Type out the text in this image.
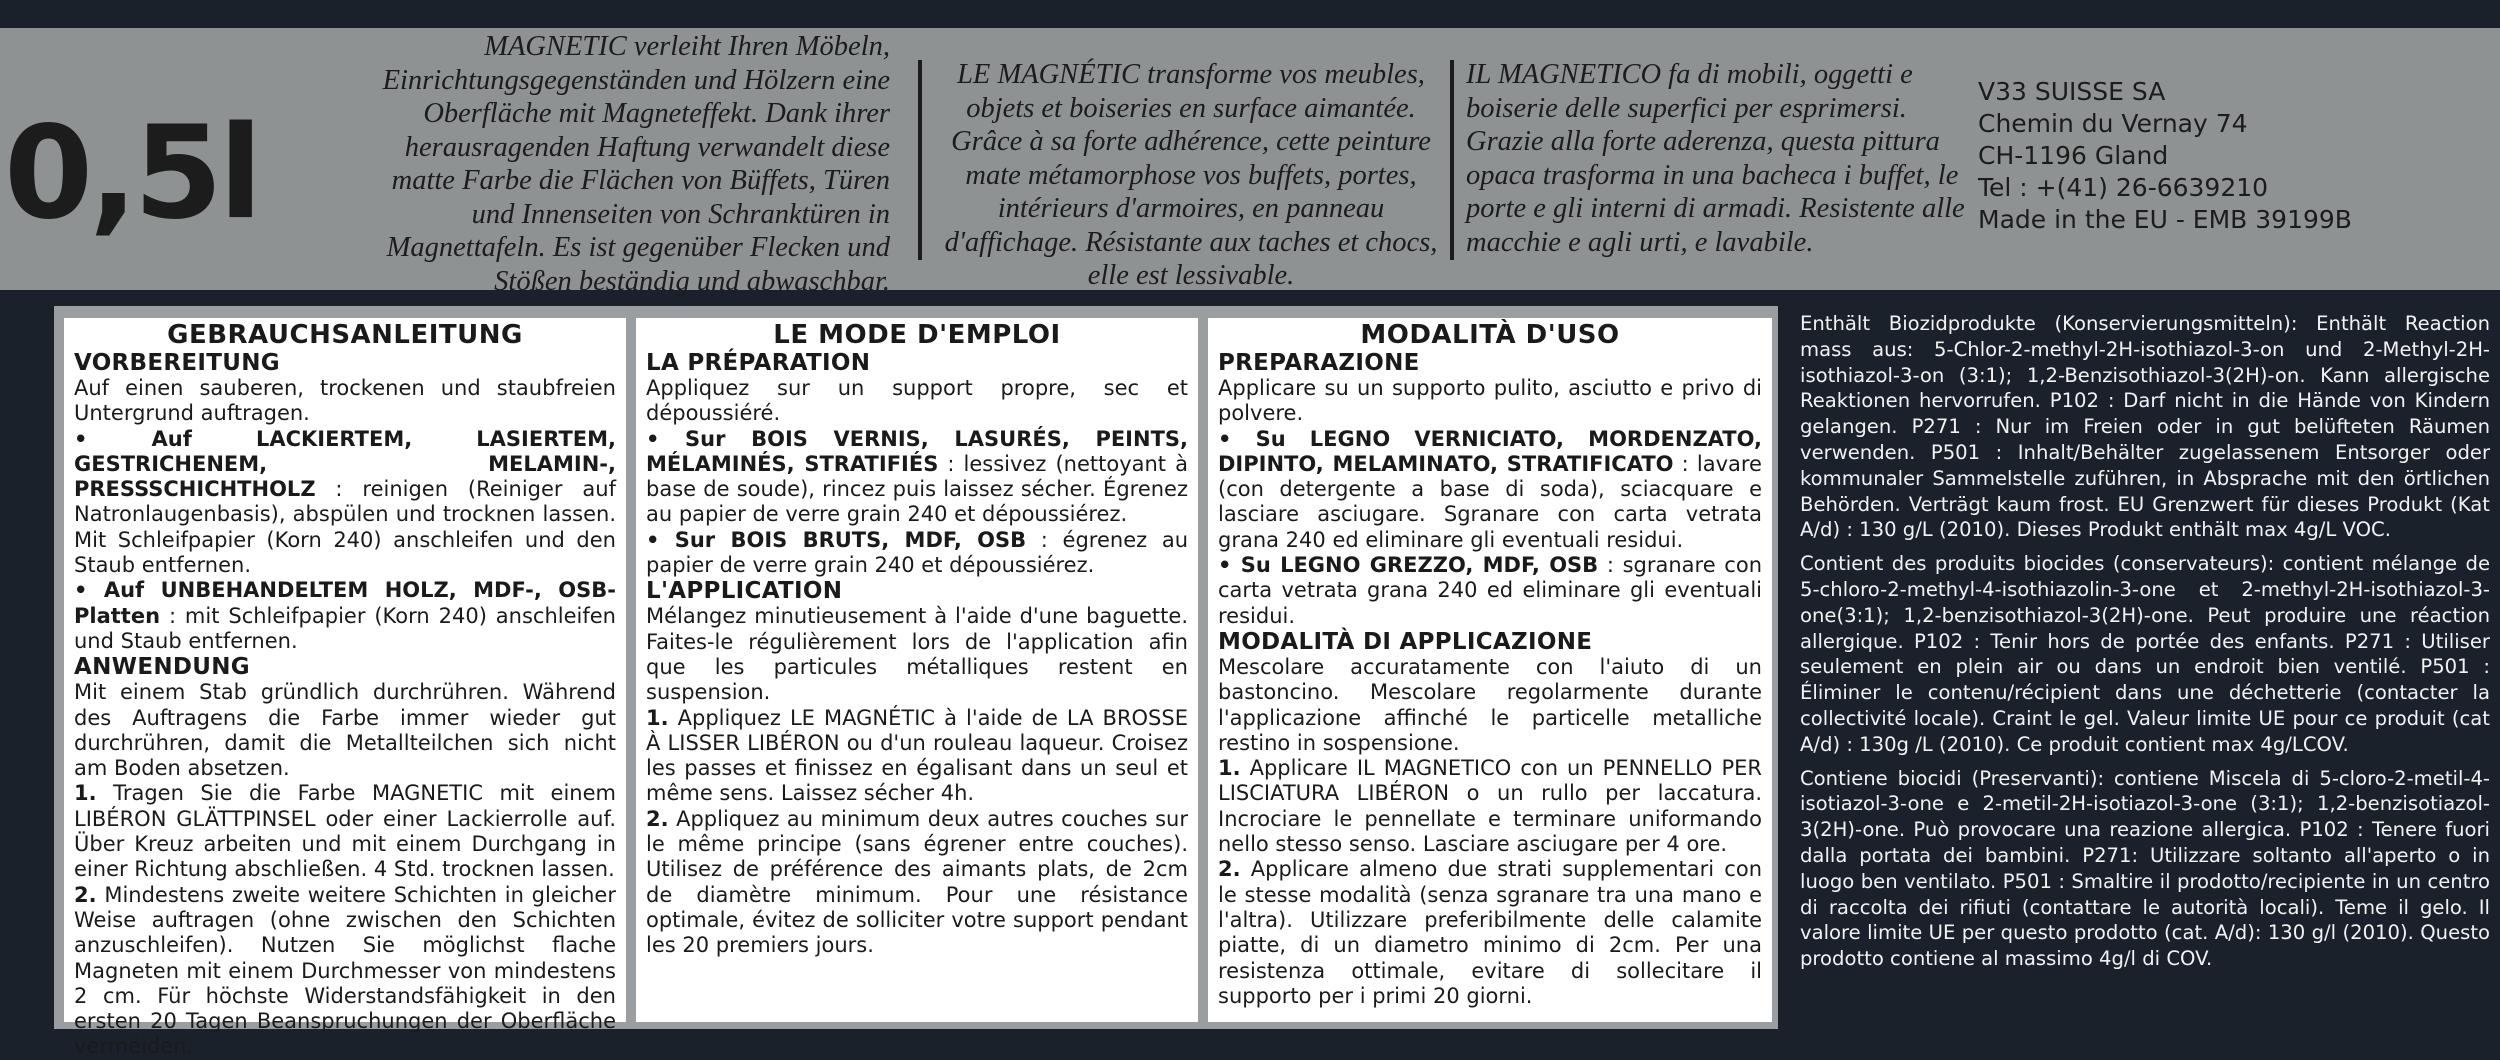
0,5l
MAGNETIC verleiht Ihren Möbeln, Einrichtungsgegenständen und Hölzern eine Oberfläche mit Magneteffekt. Dank ihrer herausragenden Haftung verwandelt diese matte Farbe die Flächen von Büffets, Türen und Innenseiten von Schranktüren in Magnettafeln. Es ist gegenüber Flecken und Stößen beständig und abwaschbar.
LE MAGNÉTIC transforme vos meubles, objets et boiseries en surface aimantée. Grâce à sa forte adhérence, cette peinture mate métamorphose vos buffets, portes, intérieurs d'armoires, en panneau d'affichage. Résistante aux taches et chocs, elle est lessivable.
IL MAGNETICO fa di mobili, oggetti e boiserie delle superfici per esprimersi. Grazie alla forte aderenza, questa pittura opaca trasforma in una bacheca i buffet, le porte e gli interni di armadi. Resistente alle macchie e agli urti, e lavabile.
V33 SUISSE SA
Chemin du Vernay 74
CH-1196 Gland
Tel : +(41) 26-6639210
Made in the EU - EMB 39199B
GEBRAUCHSANLEITUNG
VORBEREITUNG

Auf einen sauberen, trockenen und staubfreien Untergrund auftragen.

• Auf LACKIERTEM, LASIERTEM, GESTRICHENEM, MELAMIN-, PRESSSCHICHTHOLZ : reinigen (Reiniger auf Natronlaugenbasis), abspülen und trocknen lassen. Mit Schleifpapier (Korn 240) anschleifen und den Staub entfernen.

• Auf UNBEHANDELTEM HOLZ, MDF-, OSB-Platten : mit Schleifpapier (Korn 240) anschleifen und Staub entfernen.

ANWENDUNG

Mit einem Stab gründlich durchrühren. Während des Auftragens die Farbe immer wieder gut durchrühren, damit die Metallteilchen sich nicht am Boden absetzen.

1. Tragen Sie die Farbe MAGNETIC mit einem LIBÉRON GLÄTTPINSEL oder einer Lackierrolle auf. Über Kreuz arbeiten und mit einem Durchgang in einer Richtung abschließen. 4 Std. trocknen lassen.

2. Mindestens zweite weitere Schichten in gleicher Weise auftragen (ohne zwischen den Schichten anzuschleifen). Nutzen Sie möglichst flache Magneten mit einem Durchmesser von mindestens 2 cm. Für höchste Widerstandsfähigkeit in den ersten 20 Tagen Beanspruchungen der Oberfläche vermeiden.

LE MODE D'EMPLOI
LA PRÉPARATION

Appliquez sur un support propre, sec et dépoussiéré.

• Sur BOIS VERNIS, LASURÉS, PEINTS, MÉLAMINÉS, STRATIFIÉS : lessivez (nettoyant à base de soude), rincez puis laissez sécher. Égrenez au papier de verre grain 240 et dépoussiérez.

• Sur BOIS BRUTS, MDF, OSB : égrenez au papier de verre grain 240 et dépoussiérez.

L'APPLICATION

Mélangez minutieusement à l'aide d'une baguette. Faites-le régulièrement lors de l'application afin que les particules métalliques restent en suspension.

1. Appliquez LE MAGNÉTIC à l'aide de LA BROSSE À LISSER LIBÉRON ou d'un rouleau laqueur. Croisez les passes et finissez en égalisant dans un seul et même sens. Laissez sécher 4h.

2. Appliquez au minimum deux autres couches sur le même principe (sans égrener entre couches). Utilisez de préférence des aimants plats, de 2cm de diamètre minimum. Pour une résistance optimale, évitez de solliciter votre support pendant les 20 premiers jours.

MODALITÀ D'USO
PREPARAZIONE

Applicare su un supporto pulito, asciutto e privo di polvere.

• Su LEGNO VERNICIATO, MORDENZATO, DIPINTO, MELAMINATO, STRATIFICATO : lavare (con detergente a base di soda), sciacquare e lasciare asciugare. Sgranare con carta vetrata grana 240 ed eliminare gli eventuali residui.

• Su LEGNO GREZZO, MDF, OSB : sgranare con carta vetrata grana 240 ed eliminare gli eventuali residui.

MODALITÀ DI APPLICAZIONE

Mescolare accuratamente con l'aiuto di un bastoncino. Mescolare regolarmente durante l'applicazione affinché le particelle metalliche restino in sospensione.

1. Applicare IL MAGNETICO con un PENNELLO PER LISCIATURA LIBÉRON o un rullo per laccatura. Incrociare le pennellate e terminare uniformando nello stesso senso. Lasciare asciugare per 4 ore.

2. Applicare almeno due strati supplementari con le stesse modalità (senza sgranare tra una mano e l'altra). Utilizzare preferibilmente delle calamite piatte, di un diametro minimo di 2cm. Per una resistenza ottimale, evitare di sollecitare il supporto per i primi 20 giorni.

Enthält Biozidprodukte (Konservierungsmitteln): Enthält Reaction mass aus: 5-Chlor-2-methyl-2H-isothiazol-3-on und 2-Methyl-2H-isothiazol-3-on (3:1); 1,2-Benzisothiazol-3(2H)-on. Kann allergische Reaktionen hervorrufen. P102 : Darf nicht in die Hände von Kindern gelangen. P271 : Nur im Freien oder in gut belüfteten Räumen verwenden. P501 : Inhalt/Behälter zugelassenem Entsorger oder kommunaler Sammelstelle zuführen, in Absprache mit den örtlichen Behörden. Verträgt kaum frost. EU Grenzwert für dieses Produkt (Kat A/d) : 130 g/L (2010). Dieses Produkt enthält max 4g/L VOC.

Contient des produits biocides (conservateurs): contient mélange de 5-chloro-2-methyl-4-isothiazolin-3-one et 2-methyl-2H-isothiazol-3-one(3:1); 1,2-benzisothiazol-3(2H)-one. Peut produire une réaction allergique. P102 : Tenir hors de portée des enfants. P271 : Utiliser seulement en plein air ou dans un endroit bien ventilé. P501 : Éliminer le contenu/récipient dans une déchetterie (contacter la collectivité locale). Craint le gel. Valeur limite UE pour ce produit (cat A/d) : 130g /L (2010). Ce produit contient max 4g/LCOV.

Contiene biocidi (Preservanti): contiene Miscela di 5-cloro-2-metil-4-isotiazol-3-one e 2-metil-2H-isotiazol-3-one (3:1); 1,2-benzisotiazol-3(2H)-one. Può provocare una reazione allergica. P102 : Tenere fuori dalla portata dei bambini. P271: Utilizzare soltanto all'aperto o in luogo ben ventilato. P501 : Smaltire il prodotto/recipiente in un centro di raccolta dei rifiuti (contattare le autorità locali). Teme il gelo. Il valore limite UE per questo prodotto (cat. A/d): 130 g/l (2010). Questo prodotto contiene al massimo 4g/l di COV.
